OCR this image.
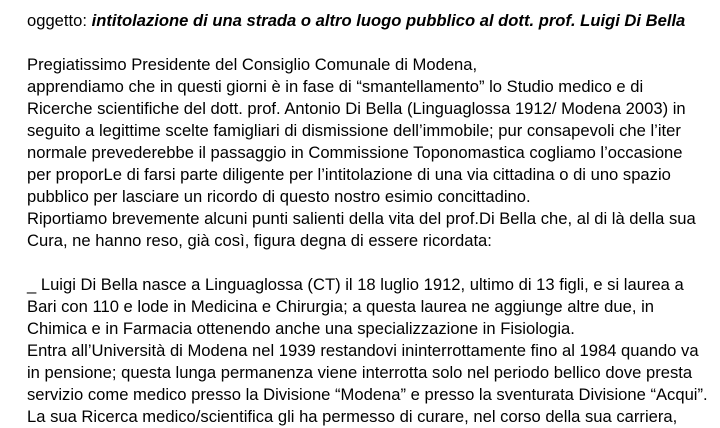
oggetto: intitolazione di una strada o altro luogo pubblico al dott. prof. Luigi Di Bella
Pregiatissimo Presidente del Consiglio Comunale di Modena,
apprendiamo che in questi giorni è in fase di “smantellamento” lo Studio medico e di
Ricerche scientifiche del dott. prof. Antonio Di Bella (Linguaglossa 1912/ Modena 2003) in
seguito a legittime scelte famigliari di dismissione dell’immobile; pur consapevoli che l’iter
normale prevederebbe il passaggio in Commissione Toponomastica cogliamo l’occasione
per proporLe di farsi parte diligente per l’intitolazione di una via cittadina o di uno spazio
pubblico per lasciare un ricordo di questo nostro esimio concittadino.
Riportiamo brevemente alcuni punti salienti della vita del prof.Di Bella che, al di là della sua
Cura, ne hanno reso, già così, figura degna di essere ricordata:
_ Luigi Di Bella nasce a Linguaglossa (CT) il 18 luglio 1912, ultimo di 13 figli, e si laurea a
Bari con 110 e lode in Medicina e Chirurgia; a questa laurea ne aggiunge altre due, in
Chimica e in Farmacia ottenendo anche una specializzazione in Fisiologia.
Entra all’Università di Modena nel 1939 restandovi ininterrottamente fino al 1984 quando va
in pensione; questa lunga permanenza viene interrotta solo nel periodo bellico dove presta
servizio come medico presso la Divisione “Modena” e presso la sventurata Divisione “Acqui”.
La sua Ricerca medico/scientifica gli ha permesso di curare, nel corso della sua carriera,
